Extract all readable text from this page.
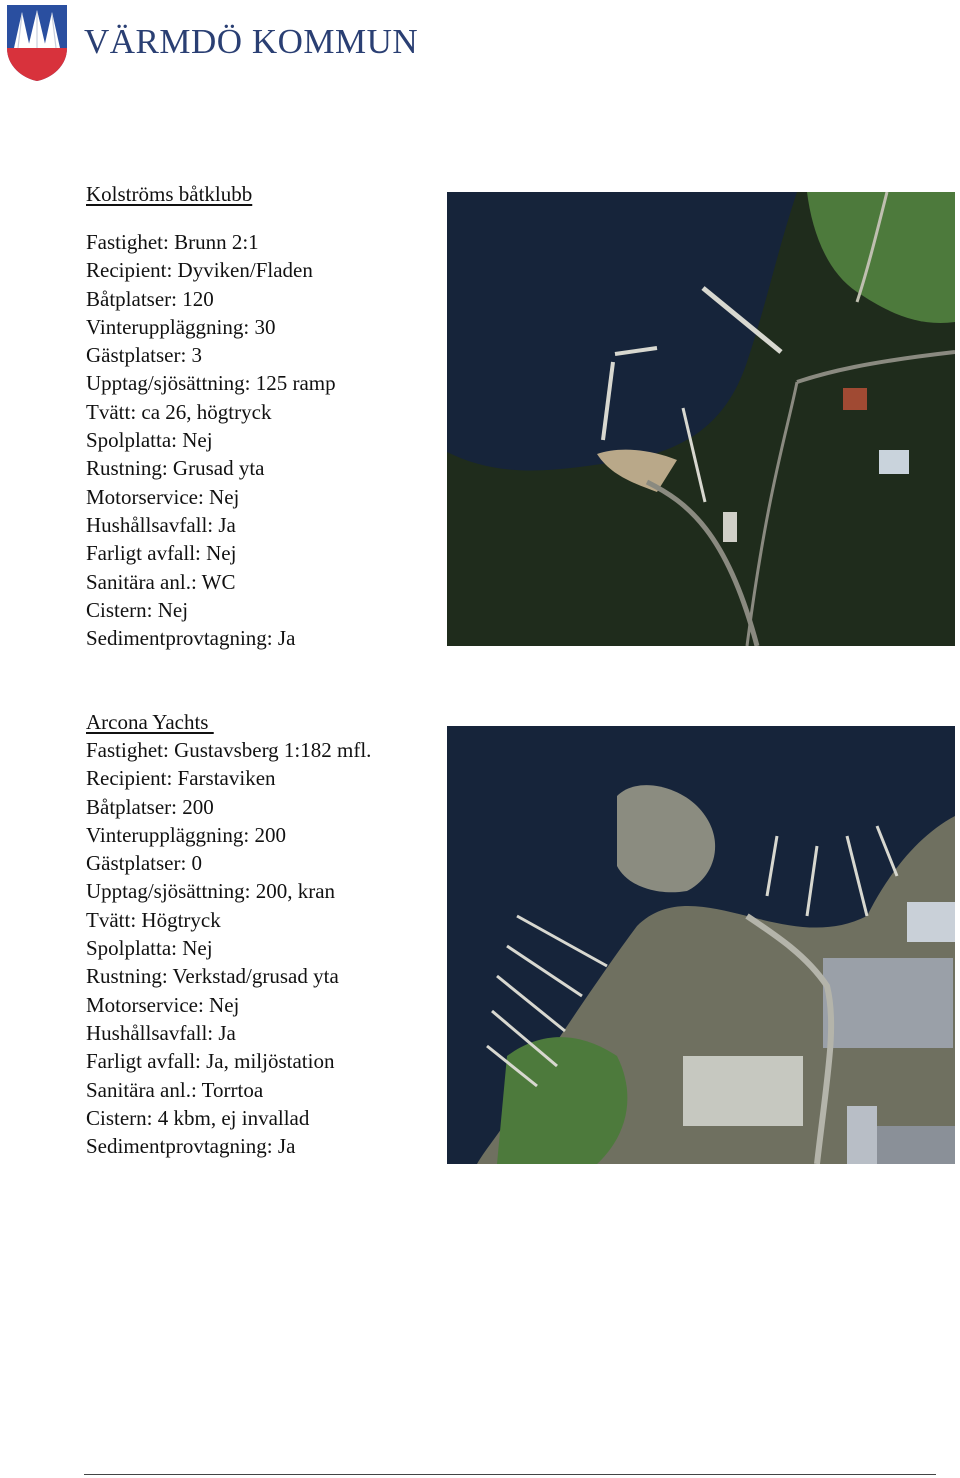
VÄRMDÖ KOMMUN
Kolströms båtklubb
Fastighet: Brunn 2:1
Recipient: Dyviken/Fladen
Båtplatser: 120
Vinteruppläggning: 30
Gästplatser: 3
Upptag/sjösättning: 125 ramp
Tvätt: ca 26, högtryck
Spolplatta: Nej
Rustning: Grusad yta
Motorservice: Nej
Hushållsavfall: Ja
Farligt avfall: Nej
Sanitära anl.: WC
Cistern: Nej
Sedimentprovtagning: Ja
Arcona Yachts
Fastighet: Gustavsberg 1:182 mfl.
Recipient: Farstaviken
Båtplatser: 200
Vinteruppläggning: 200
Gästplatser: 0
Upptag/sjösättning: 200, kran
Tvätt: Högtryck
Spolplatta: Nej
Rustning: Verkstad/grusad yta
Motorservice: Nej
Hushållsavfall: Ja
Farligt avfall: Ja, miljöstation
Sanitära anl.: Torrtoa
Cistern: 4 kbm, ej invallad
Sedimentprovtagning: Ja
